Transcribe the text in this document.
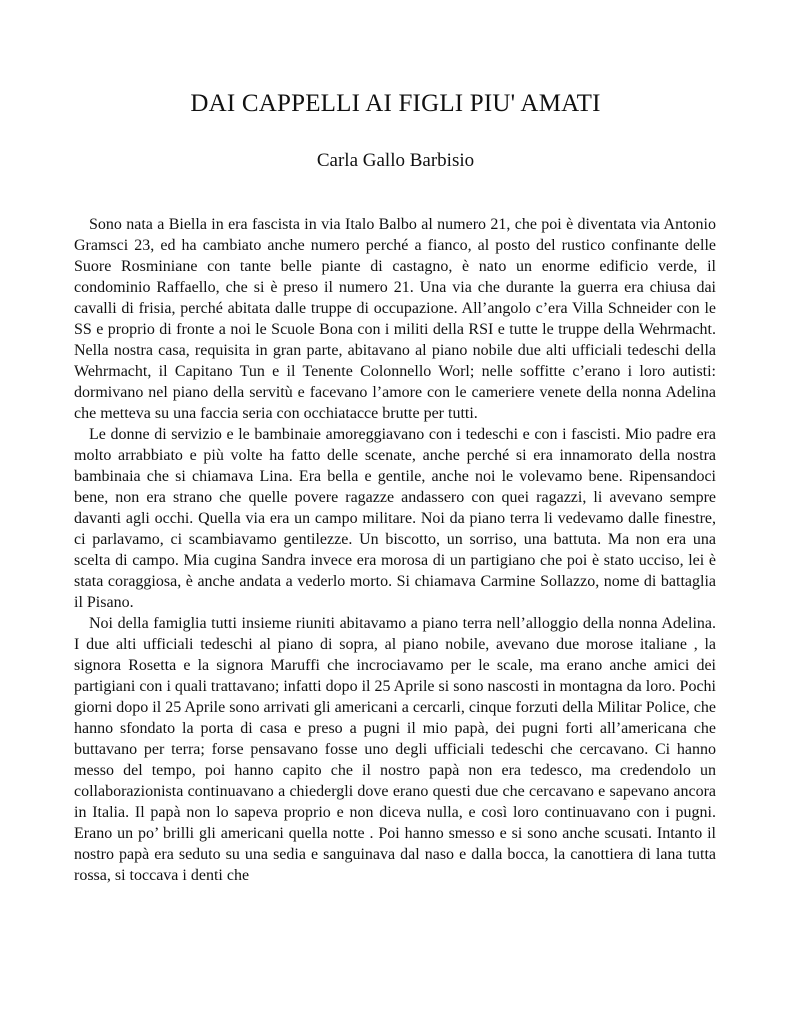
DAI CAPPELLI AI FIGLI PIU' AMATI
Carla Gallo Barbisio

Sono nata a Biella in era fascista in via Italo Balbo al numero 21, che poi è diventata via Antonio Gramsci 23, ed ha cambiato anche numero perché a fianco, al posto del rustico confinante delle Suore Rosminiane con tante belle piante di castagno, è nato un enorme edificio verde, il condominio Raffaello, che si è preso il numero 21. Una via che durante la guerra era chiusa dai cavalli di frisia, perché abitata dalle truppe di occupazione. All’angolo c’era Villa Schneider con le SS e proprio di fronte a noi le Scuole Bona con i militi della RSI e tutte le truppe della Wehrmacht. Nella nostra casa, requisita in gran parte, abitavano al piano nobile due alti ufficiali tedeschi della Wehrmacht, il Capitano Tun e il Tenente Colonnello Worl; nelle soffitte c’erano i loro autisti: dormivano nel piano della servitù e facevano l’amore con le cameriere venete della nonna Adelina che metteva su una faccia seria con occhiatacce brutte per tutti.

Le donne di servizio e le bambinaie amoreggiavano con i tedeschi e con i fascisti. Mio padre era molto arrabbiato e più volte ha fatto delle scenate, anche perché si era innamorato della nostra bambinaia che si chiamava Lina. Era bella e gentile, anche noi le volevamo bene. Ripensandoci bene, non era strano che quelle povere ragazze andassero con quei ragazzi, li avevano sempre davanti agli occhi. Quella via era un campo militare. Noi da piano terra li vedevamo dalle finestre, ci parlavamo, ci scambiavamo gentilezze. Un biscotto, un sorriso, una battuta. Ma non era una scelta di campo. Mia cugina Sandra invece era morosa di un partigiano che poi è stato ucciso, lei è stata coraggiosa, è anche andata a vederlo morto. Si chiamava Carmine Sollazzo, nome di battaglia il Pisano.

Noi della famiglia tutti insieme riuniti abitavamo a piano terra nell’alloggio della nonna Adelina. I due alti ufficiali tedeschi al piano di sopra, al piano nobile, avevano due morose italiane , la signora Rosetta e la signora Maruffi che incrociavamo per le scale, ma erano anche amici dei partigiani con i quali trattavano; infatti dopo il 25 Aprile si sono nascosti in montagna da loro. Pochi giorni dopo il 25 Aprile sono arrivati gli americani a cercarli, cinque forzuti della Militar Police, che hanno sfondato la porta di casa e preso a pugni il mio papà, dei pugni forti all’americana che buttavano per terra; forse pensavano fosse uno degli ufficiali tedeschi che cercavano. Ci hanno messo del tempo, poi hanno capito che il nostro papà non era tedesco, ma credendolo un collaborazionista continuavano a chiedergli dove erano questi due che cercavano e sapevano ancora in Italia. Il papà non lo sapeva proprio e non diceva nulla, e così loro continuavano con i pugni. Erano un po’ brilli gli americani quella notte . Poi hanno smesso e si sono anche scusati. Intanto il nostro papà era seduto su una sedia e sanguinava dal naso e dalla bocca, la canottiera di lana tutta rossa, si toccava i denti che
